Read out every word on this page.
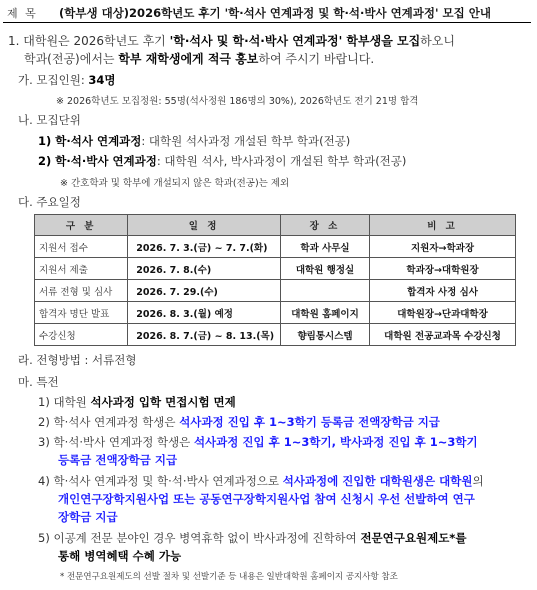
제 목 (학부생 대상)2026학년도 후기 '학·석사 연계과정 및 학·석·박사 연계과정' 모집 안내
1. 대학원은 2026학년도 후기 '학·석사 및 학·석·박사 연계과정' 학부생을 모집하오니
학과(전공)에서는 학부 재학생에게 적극 홍보하여 주시기 바랍니다.
가. 모집인원: 34명
※ 2026학년도 모집정원: 55명(석사정원 186명의 30%), 2026학년도 전기 21명 합격
나. 모집단위
1) 학·석사 연계과정: 대학원 석사과정 개설된 학부 학과(전공)
2) 학·석·박사 연계과정: 대학원 석사, 박사과정이 개설된 학부 학과(전공)
※ 간호학과 및 학부에 개설되지 않은 학과(전공)는 제외
다. 주요일정
구 분	일 정	장 소	비 고
지원서 접수	2026. 7. 3.(금) ~ 7. 7.(화)	학과 사무실	지원자→학과장
지원서 제출	2026. 7. 8.(수)	대학원 행정실	학과장→대학원장
서류 전형 및 심사	2026. 7. 29.(수)		합격자 사정 심사
합격자 명단 발표	2026. 8. 3.(월) 예정	대학원 홈페이지	대학원장→단과대학장
수강신청	2026. 8. 7.(금) ~ 8. 13.(목)	향림통시스템	대학원 전공교과목 수강신청
라. 전형방법 : 서류전형
마. 특전
1) 대학원 석사과정 입학 면접시험 면제
2) 학·석사 연계과정 학생은 석사과정 진입 후 1~3학기 등록금 전액장학금 지급
3) 학·석·박사 연계과정 학생은 석사과정 진입 후 1~3학기, 박사과정 진입 후 1~3학기
등록금 전액장학금 지급
4) 학·석사 연계과정 및 학·석·박사 연계과정으로 석사과정에 진입한 대학원생은 대학원의
개인연구장학지원사업 또는 공동연구장학지원사업 참여 신청시 우선 선발하여 연구
장학금 지급
5) 이공계 전문 분야인 경우 병역휴학 없이 박사과정에 진학하여 전문연구요원제도*를
통해 병역혜택 수혜 가능
* 전문연구요원제도의 선발 절차 및 선발기준 등 내용은 일반대학원 홈페이지 공지사항 참조
